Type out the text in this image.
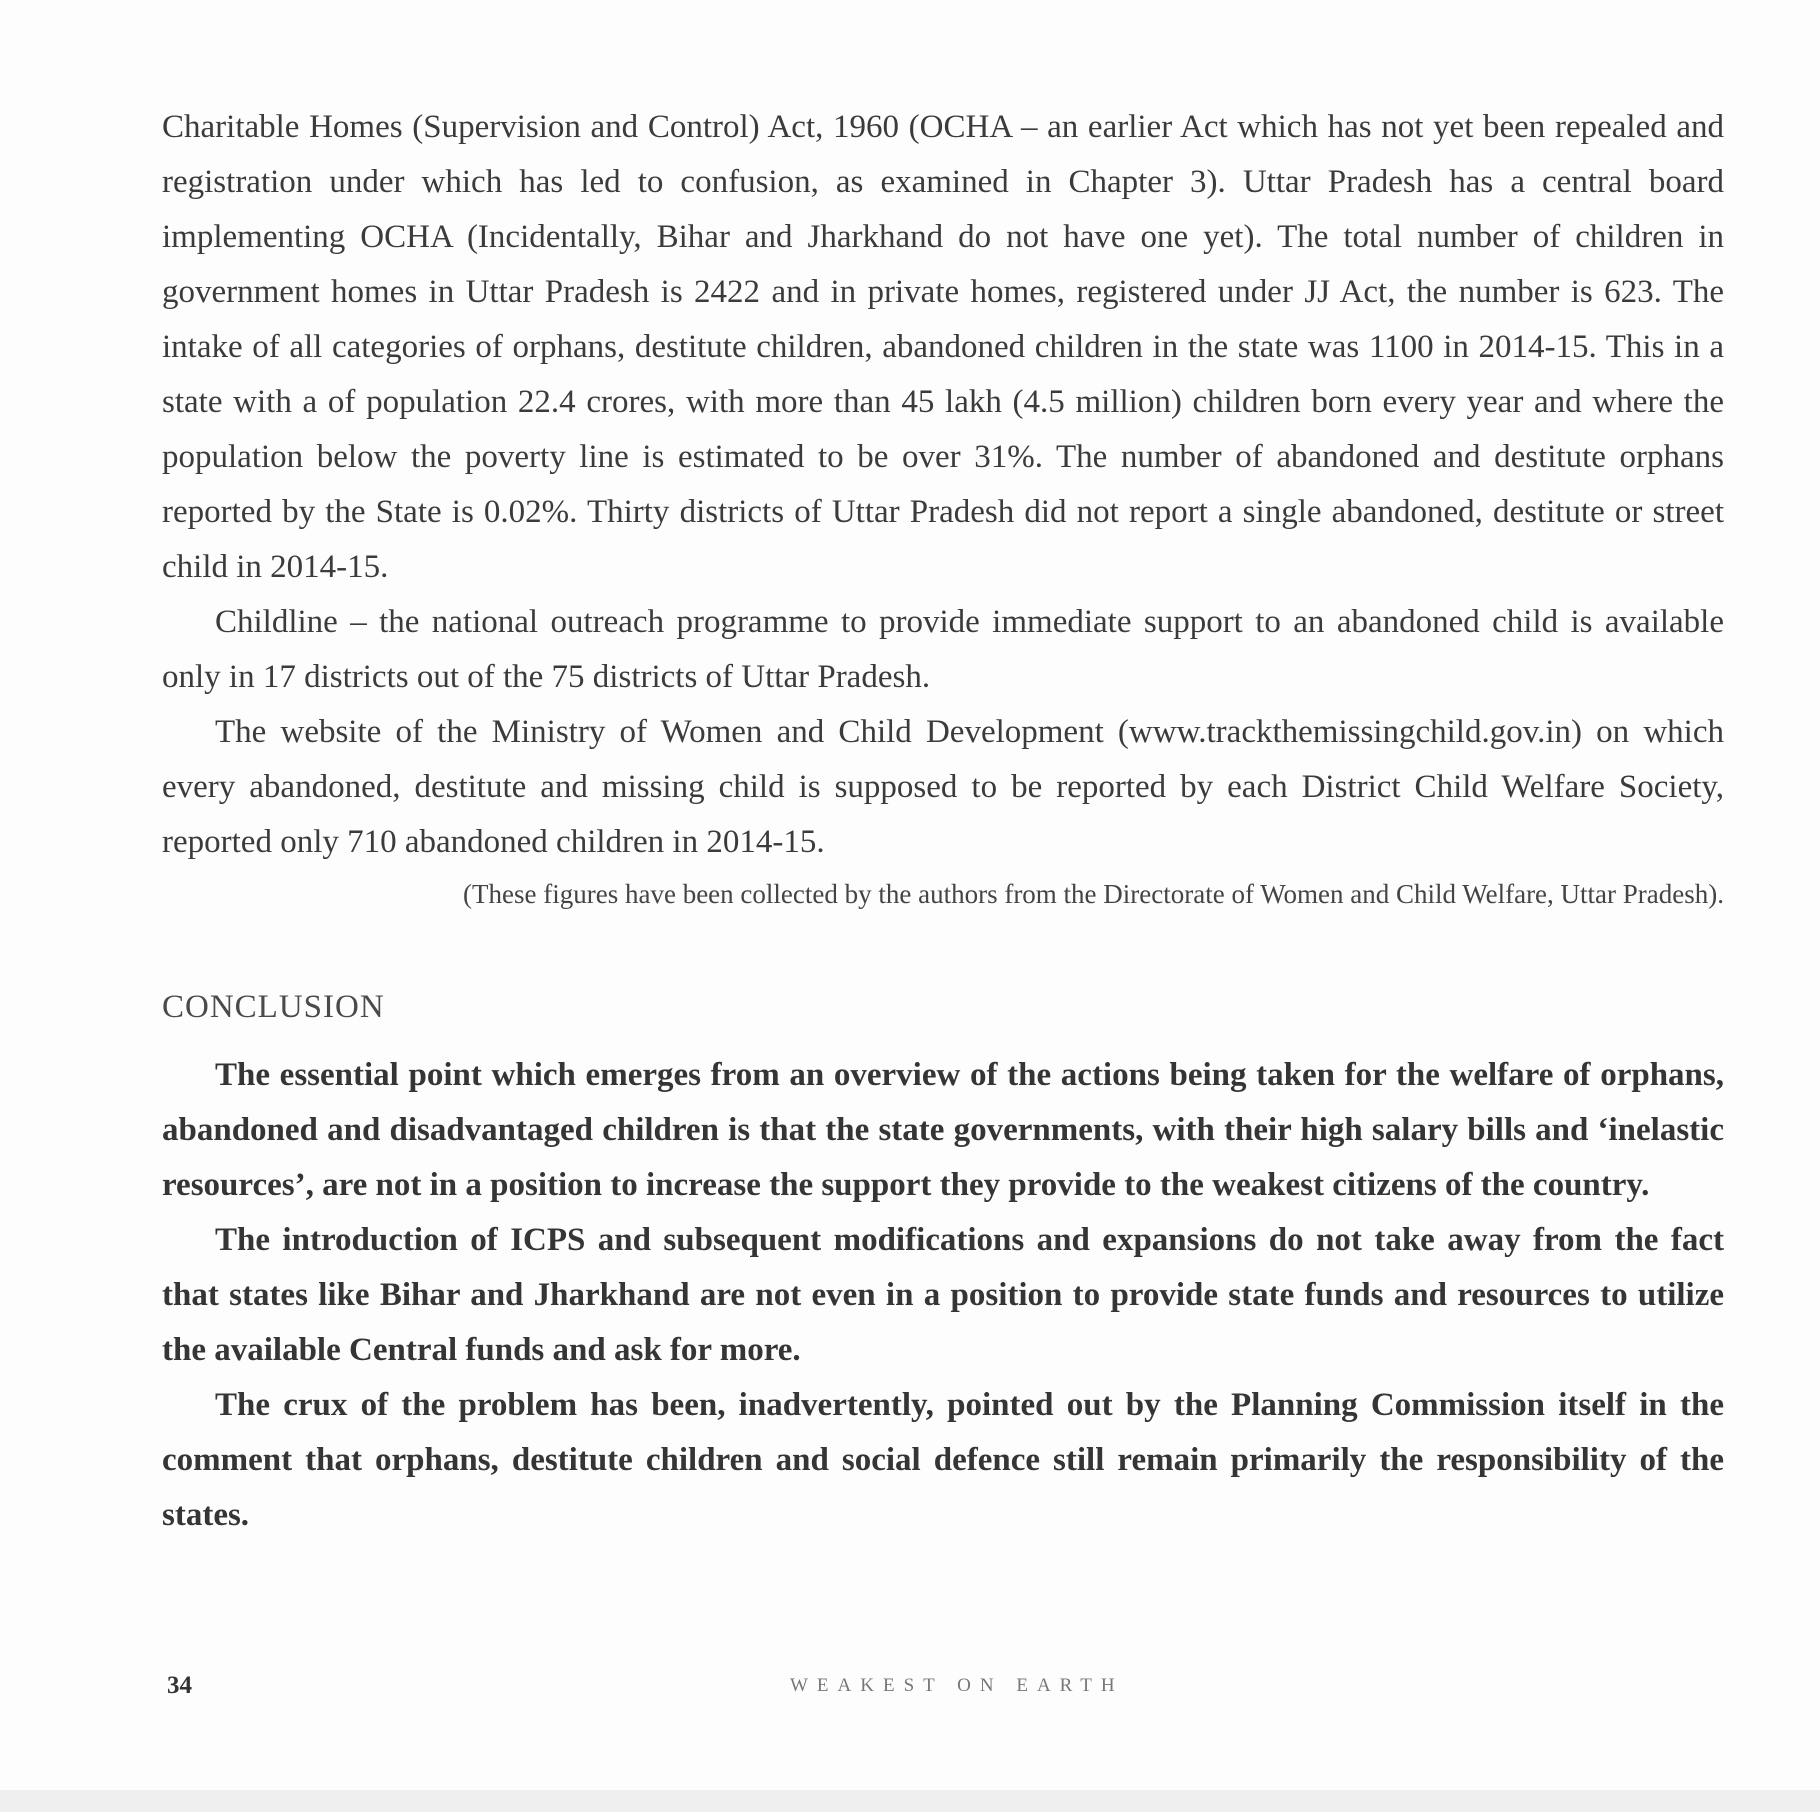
Charitable Homes (Supervision and Control) Act, 1960 (OCHA – an earlier Act which has not yet been repealed and registration under which has led to confusion, as examined in Chapter 3). Uttar Pradesh has a central board implementing OCHA (Incidentally, Bihar and Jharkhand do not have one yet). The total number of children in government homes in Uttar Pradesh is 2422 and in private homes, registered under JJ Act, the number is 623. The intake of all categories of orphans, destitute children, abandoned children in the state was 1100 in 2014-15. This in a state with a of population 22.4 crores, with more than 45 lakh (4.5 million) children born every year and where the population below the poverty line is estimated to be over 31%. The number of abandoned and destitute orphans reported by the State is 0.02%. Thirty districts of Uttar Pradesh did not report a single abandoned, destitute or street child in 2014-15.

Childline – the national outreach programme to provide immediate support to an abandoned child is available only in 17 districts out of the 75 districts of Uttar Pradesh.

The website of the Ministry of Women and Child Development (www.trackthemissingchild.gov.in) on which every abandoned, destitute and missing child is supposed to be reported by each District Child Welfare Society, reported only 710 abandoned children in 2014-15.

(These figures have been collected by the authors from the Directorate of Women and Child Welfare, Uttar Pradesh).

CONCLUSION

The essential point which emerges from an overview of the actions being taken for the welfare of orphans, abandoned and disadvantaged children is that the state governments, with their high salary bills and ‘inelastic resources’, are not in a position to increase the support they provide to the weakest citizens of the country.

The introduction of ICPS and subsequent modifications and expansions do not take away from the fact that states like Bihar and Jharkhand are not even in a position to provide state funds and resources to utilize the available Central funds and ask for more.

The crux of the problem has been, inadvertently, pointed out by the Planning Commission itself in the comment that orphans, destitute children and social defence still remain primarily the responsibility of the states.

34	WEAKEST ON EARTH
